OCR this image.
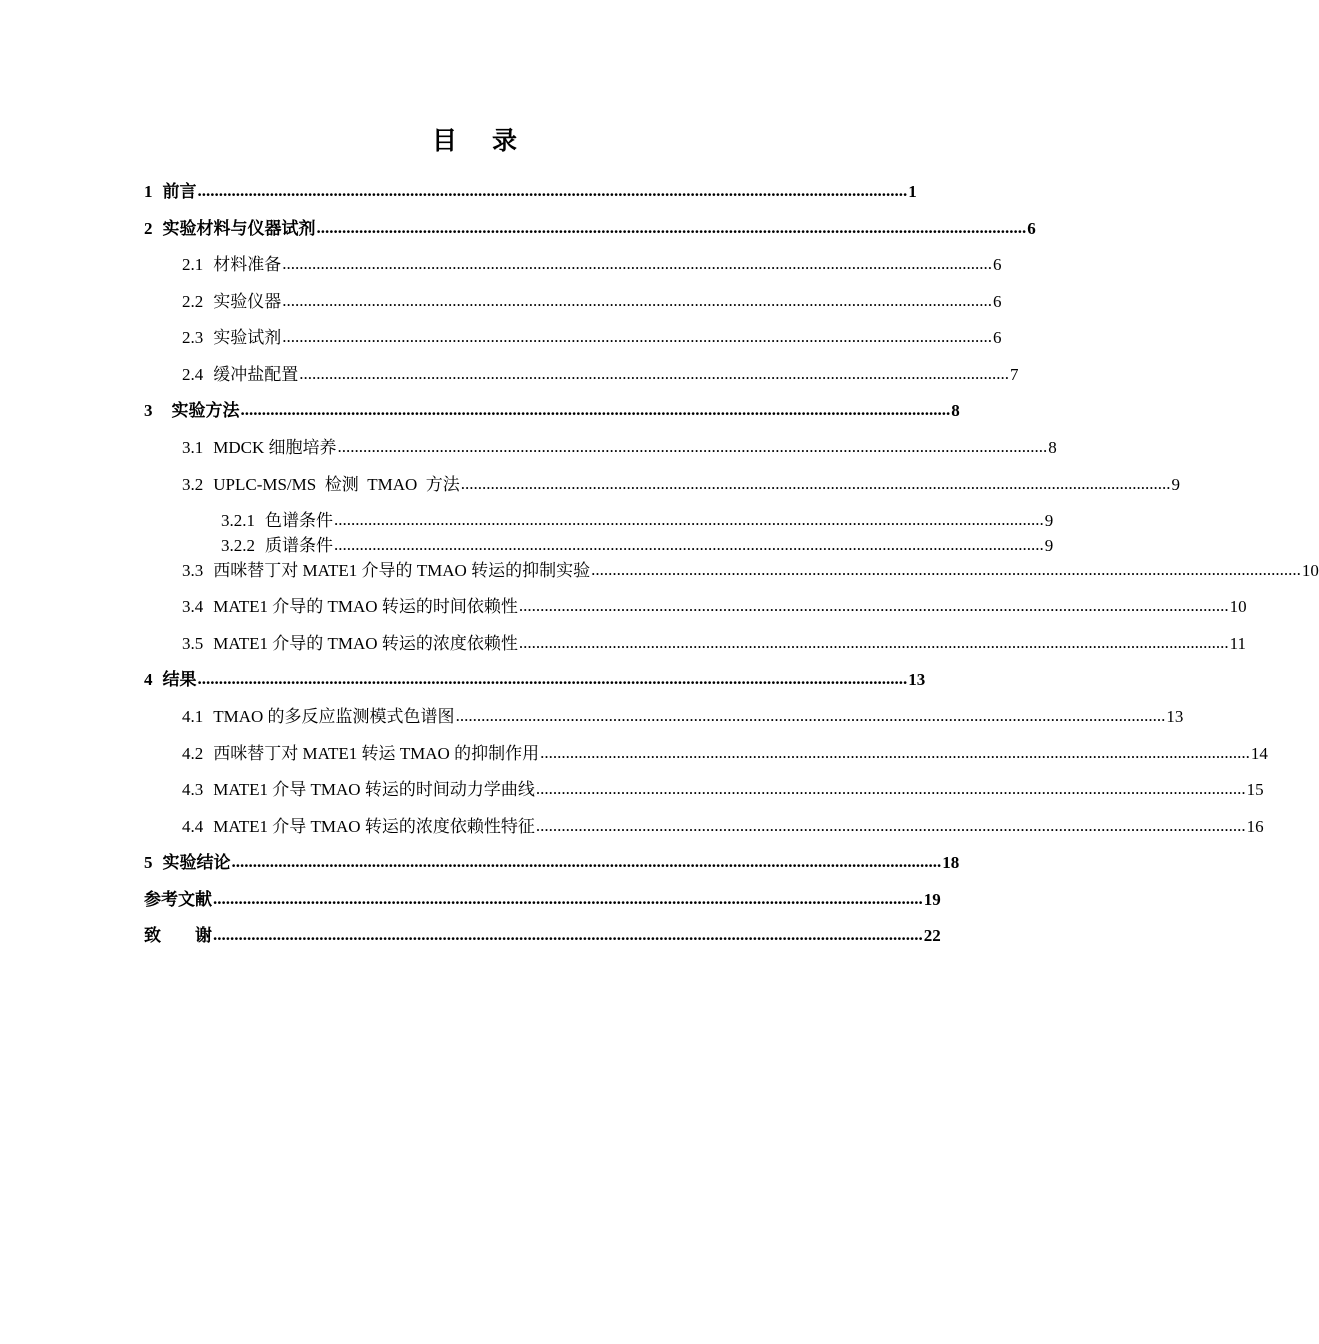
目 录
1 前言 ....................................................................................................................................................................... 1
2 实验材料与仪器试剂 ....................................................................................................................................................................... 6
2.1 材料准备 ....................................................................................................................................................................... 6
2.2 实验仪器 ....................................................................................................................................................................... 6
2.3 实验试剂 ....................................................................................................................................................................... 6
2.4 缓冲盐配置 ....................................................................................................................................................................... 7
3 实验方法 ....................................................................................................................................................................... 8
3.1 MDCK 细胞培养 ....................................................................................................................................................................... 8
3.2 UPLC-MS/MS  检测  TMAO  方法 ....................................................................................................................................................................... 9
3.2.1 色谱条件 ....................................................................................................................................................................... 9
3.2.2 质谱条件 ....................................................................................................................................................................... 9
3.3 西咪替丁对 MATE1 介导的 TMAO 转运的抑制实验 ....................................................................................................................................................................... 10
3.4 MATE1 介导的 TMAO 转运的时间依赖性 ....................................................................................................................................................................... 10
3.5 MATE1 介导的 TMAO 转运的浓度依赖性 ....................................................................................................................................................................... 11
4 结果 ....................................................................................................................................................................... 13
4.1 TMAO 的多反应监测模式色谱图 ....................................................................................................................................................................... 13
4.2 西咪替丁对 MATE1 转运 TMAO 的抑制作用 ....................................................................................................................................................................... 14
4.3 MATE1 介导 TMAO 转运的时间动力学曲线 ....................................................................................................................................................................... 15
4.4 MATE1 介导 TMAO 转运的浓度依赖性特征 ....................................................................................................................................................................... 16
5 实验结论 ....................................................................................................................................................................... 18
参考文献 ....................................................................................................................................................................... 19
致        谢 ....................................................................................................................................................................... 22
